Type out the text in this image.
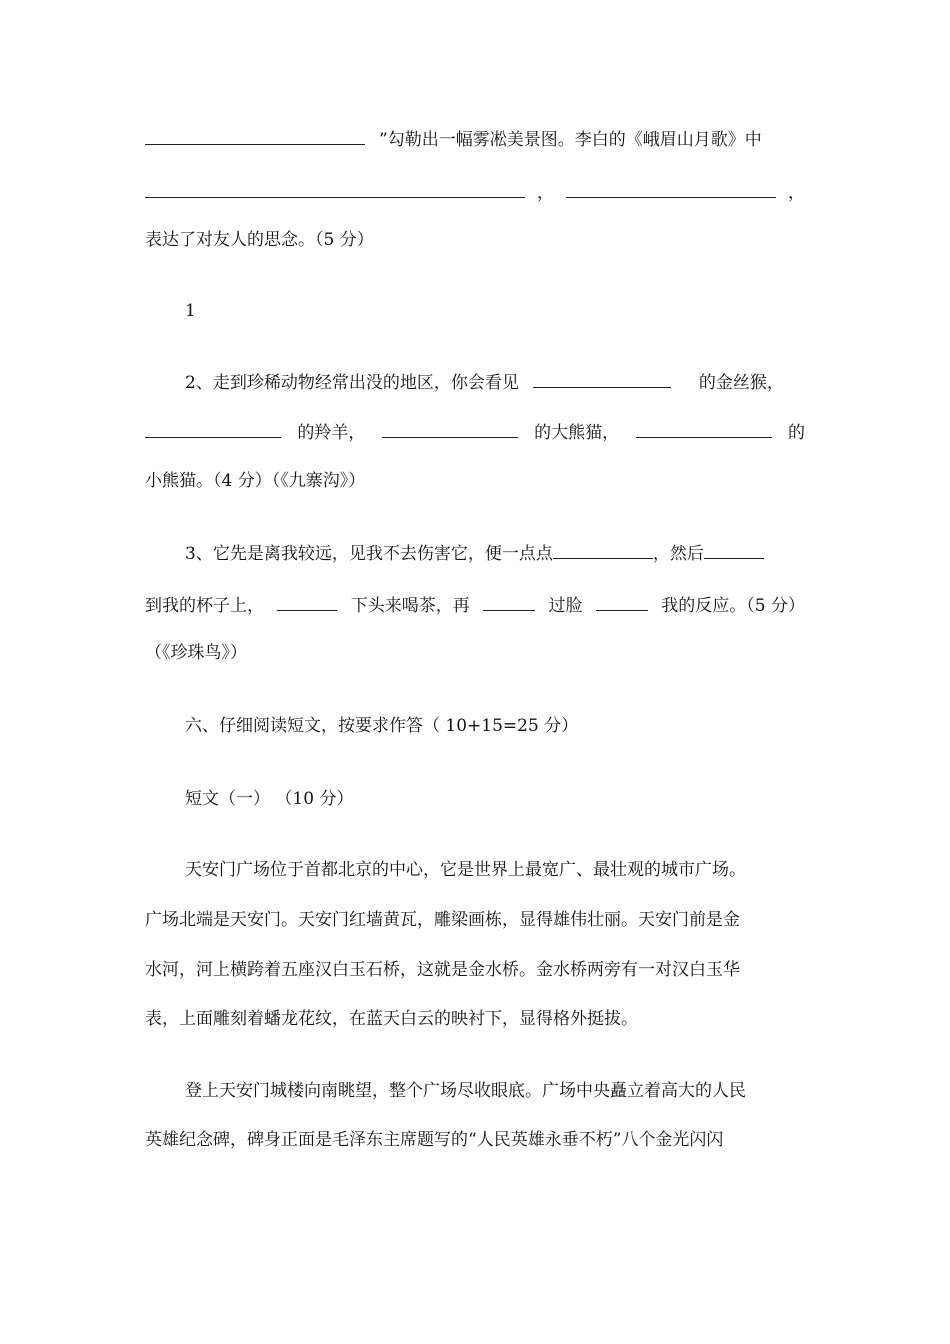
”勾勒出一幅雾凇美景图。李白的《峨眉山月歌》中
，	，
表达了对友人的思念。（5 分）
1
2、走到珍稀动物经常出没的地区，你会看见	的金丝猴，
的羚羊，	的大熊猫，	的
小熊猫。（4 分）（《九寨沟》）
3、它先是离我较远，见我不去伤害它，便一点点	，然后
到我的杯子上，	下头来喝茶，再	过脸	我的反应。（5 分）
（《珍珠鸟》）
六、仔细阅读短文，按要求作答（ 10+15=25 分）
短文（一） （10 分）
天安门广场位于首都北京的中心，它是世界上最宽广、最壮观的城市广场。
广场北端是天安门。天安门红墙黄瓦，雕梁画栋，显得雄伟壮丽。天安门前是金
水河，河上横跨着五座汉白玉石桥，这就是金水桥。金水桥两旁有一对汉白玉华
表，上面雕刻着蟠龙花纹，在蓝天白云的映衬下，显得格外挺拔。
登上天安门城楼向南眺望，整个广场尽收眼底。广场中央矗立着高大的人民
英雄纪念碑，碑身正面是毛泽东主席题写的“人民英雄永垂不朽”八个金光闪闪
